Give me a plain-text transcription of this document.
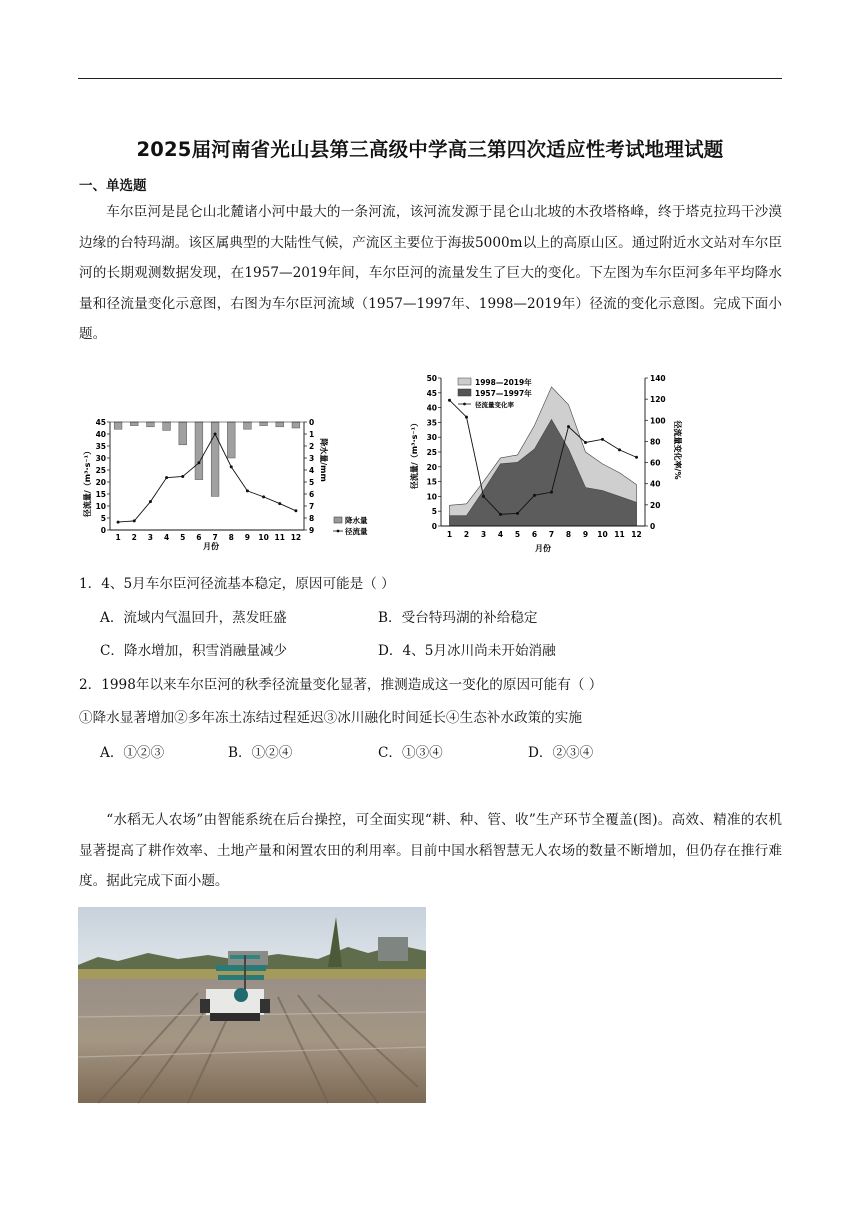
2025届河南省光山县第三高级中学高三第四次适应性考试地理试题
一、单选题

车尔臣河是昆仑山北麓诸小河中最大的一条河流，该河流发源于昆仑山北坡的木孜塔格峰，终于塔克拉玛干沙漠边缘的台特玛湖。该区属典型的大陆性气候，产流区主要位于海拔5000m以上的高原山区。通过附近水文站对车尔臣河的长期观测数据发现，在1957—2019年间，车尔臣河的流量发生了巨大的变化。下左图为车尔臣河多年平均降水量和径流量变化示意图，右图为车尔臣河流域（1957—1997年、1998—2019年）径流的变化示意图。完成下面小题。

45
40
35
30
25
20
15
10
5
0
0
1
2
3
4
5
6
7
8
9
1 2 3 4 5 6 7 8 9 10 11 12
径流量/（m³·s⁻¹）	降水量/mm
月份
降水量
径流量
0
5
10
15
20
25
30
35
40
45
50
0
20
40
60
80
100
120
140
1 2 3 4 5 6 7 8 9 10 11 12
径流量/（m³·s⁻¹）	径流量变化率/%
月份
1998—2019年
1957—1997年
径流量变化率
1．4、5月车尔臣河径流基本稳定，原因可能是（ ）
A．流域内气温回升，蒸发旺盛	B．受台特玛湖的补给稳定
C．降水增加，积雪消融量减少	D．4、5月冰川尚未开始消融
2．1998年以来车尔臣河的秋季径流量变化显著，推测造成这一变化的原因可能有（ ）
①降水显著增加②多年冻土冻结过程延迟③冰川融化时间延长④生态补水政策的实施
A．①②③	B．①②④	C．①③④	D．②③④

“水稻无人农场”由智能系统在后台操控，可全面实现“耕、种、管、收”生产环节全覆盖(图)。高效、精准的农机显著提高了耕作效率、土地产量和闲置农田的利用率。目前中国水稻智慧无人农场的数量不断增加，但仍存在推行难度。据此完成下面小题。
